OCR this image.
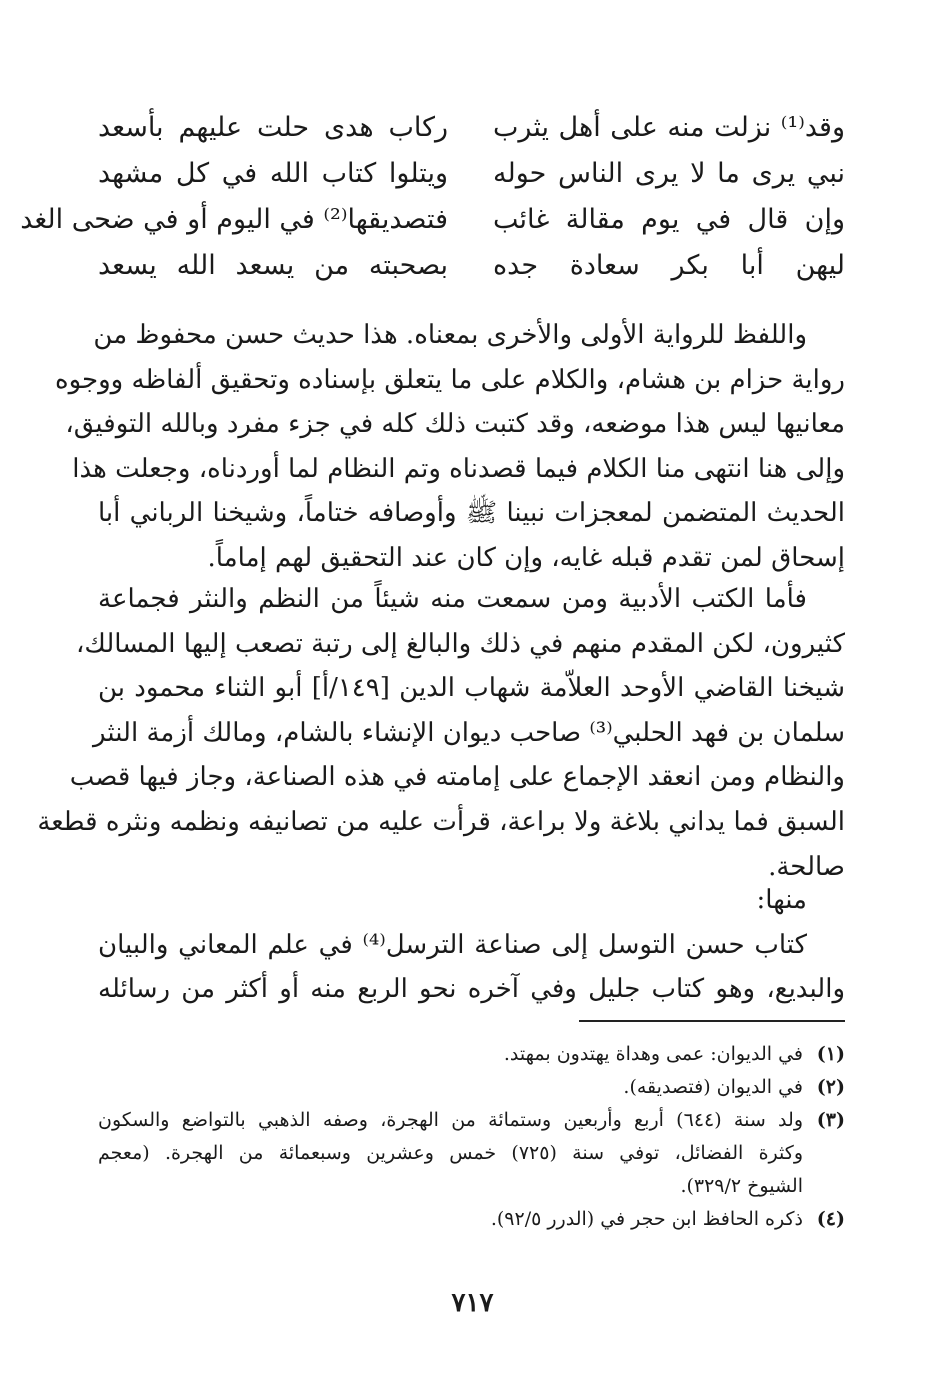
وقد⁽¹⁾ نزلت منه على أهل يثرب
ركاب هدى حلت عليهم بأسعد
نبي يرى ما لا يرى الناس حوله
ويتلوا كتاب الله في كل مشهد
وإن قال في يوم مقالة غائب
فتصديقها⁽²⁾ في اليوم أو في ضحى الغد
ليهن أبا بكر سعادة جده
بصحبته من يسعد الله يسعد
واللفظ للرواية الأولى والأخرى بمعناه. هذا حديث حسن محفوظ من
رواية حزام بن هشام، والكلام على ما يتعلق بإسناده وتحقيق ألفاظه ووجوه
معانيها ليس هذا موضعه، وقد كتبت ذلك كله في جزء مفرد وبالله التوفيق،
وإلى هنا انتهى منا الكلام فيما قصدناه وتم النظام لما أوردناه، وجعلت هذا
الحديث المتضمن لمعجزات نبينا ﷺ وأوصافه ختاماً، وشيخنا الرباني أبا
إسحاق لمن تقدم قبله غايه، وإن كان عند التحقيق لهم إماماً.
فأما الكتب الأدبية ومن سمعت منه شيئاً من النظم والنثر فجماعة
كثيرون، لكن المقدم منهم في ذلك والبالغ إلى رتبة تصعب إليها المسالك،
شيخنا القاضي الأوحد العلاّمة شهاب الدين [١٤٩/أ] أبو الثناء محمود بن
سلمان بن فهد الحلبي⁽³⁾ صاحب ديوان الإنشاء بالشام، ومالك أزمة النثر
والنظام ومن انعقد الإجماع على إمامته في هذه الصناعة، وجاز فيها قصب
السبق فما يداني بلاغة ولا براعة، قرأت عليه من تصانيفه ونظمه ونثره قطعة
صالحة.
منها:
كتاب حسن التوسل إلى صناعة الترسل⁽⁴⁾ في علم المعاني والبيان
والبديع، وهو كتاب جليل وفي آخره نحو الربع منه أو أكثر من رسائله
(١)
في الديوان: عمى وهداة يهتدون بمهتد.
(٢)
في الديوان (فتصديقه).
(٣)
ولد سنة (٦٤٤) أربع وأربعين وستمائة من الهجرة، وصفه الذهبي بالتواضع والسكون
وكثرة الفضائل، توفي سنة (٧٢٥) خمس وعشرين وسبعمائة من الهجرة. (معجم
الشيوخ ٣٢٩/٢).
(٤)
ذكره الحافظ ابن حجر في (الدرر ٩٢/٥).
٧١٧
